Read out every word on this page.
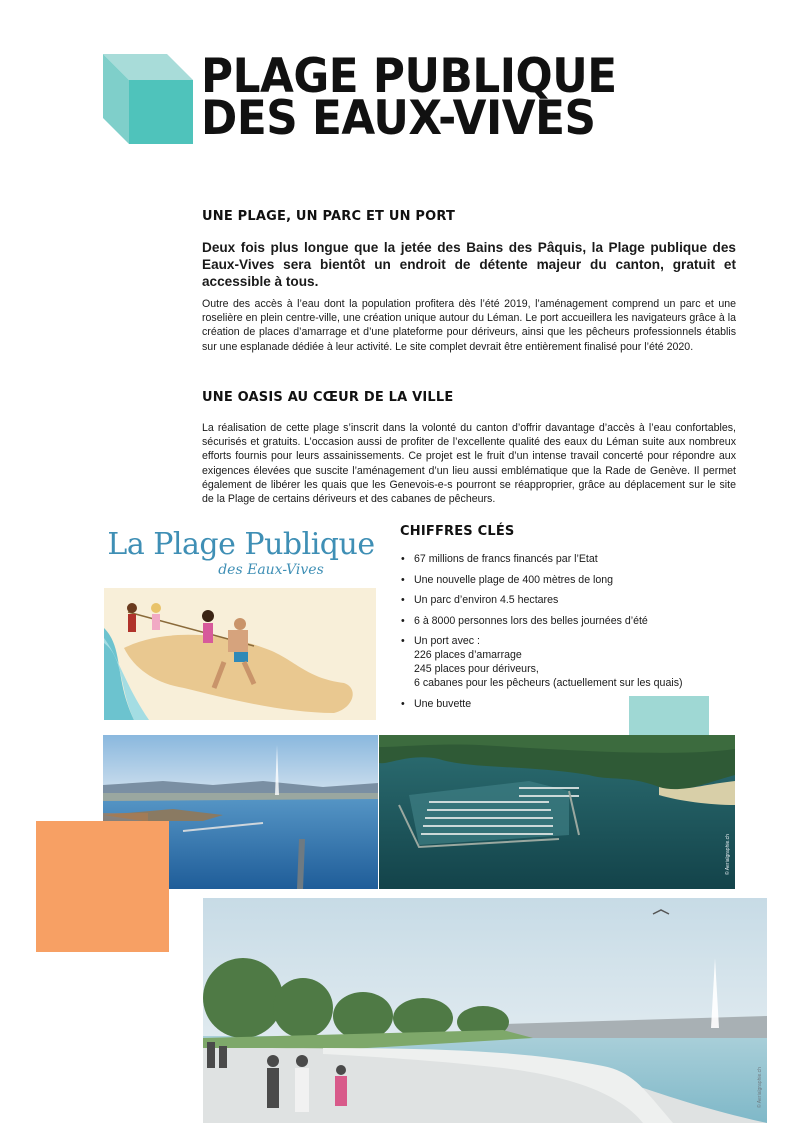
PLAGE PUBLIQUE
DES EAUX-VIVES
UNE PLAGE, UN PARC ET UN PORT
Deux fois plus longue que la jetée des Bains des Pâquis, la Plage publique des Eaux-Vives sera bientôt un endroit de détente majeur du canton, gratuit et accessible à tous.
Outre des accès à l’eau dont la population profitera dès l’été 2019, l’aménagement comprend un parc et une roselière en plein centre-ville, une création unique autour du Léman. Le port accueillera les navigateurs grâce à la création de places d’amarrage et d’une plateforme pour dériveurs, ainsi que les pêcheurs professionnels établis sur une esplanade dédiée à leur activité. Le site complet devrait être entièrement finalisé pour l’été 2020.
UNE OASIS AU CŒUR DE LA VILLE
La réalisation de cette plage s’inscrit dans la volonté du canton d’offrir davantage d’accès à l’eau confortables, sécurisés et gratuits. L’occasion aussi de profiter de l’excellente qualité des eaux du Léman suite aux nombreux efforts fournis pour leurs assainissements. Ce projet est le fruit d’un intense travail concerté pour répondre aux exigences élevées que suscite l’aménagement d’un lieu aussi emblématique que la Rade de Genève. Il permet également de libérer les quais que les Genevois-e-s pourront se réapproprier, grâce au déplacement sur le site de la Plage de certains dériveurs et des cabanes de pêcheurs.
CHIFFRES CLÉS
• 67 millions de francs financés par l’Etat
• Une nouvelle plage de 400 mètres de long
• Un parc d’environ 4.5 hectares
• 6 à 8000 personnes lors des belles journées d’été
• Un port avec :
226 places d’amarrage
245 places pour dériveurs,
6 cabanes pour les pêcheurs (actuellement sur les quais)
• Une buvette
La Plage Publique
des Eaux-Vives
© Aerialgraphie.ch
© Aerialgraphie.ch
